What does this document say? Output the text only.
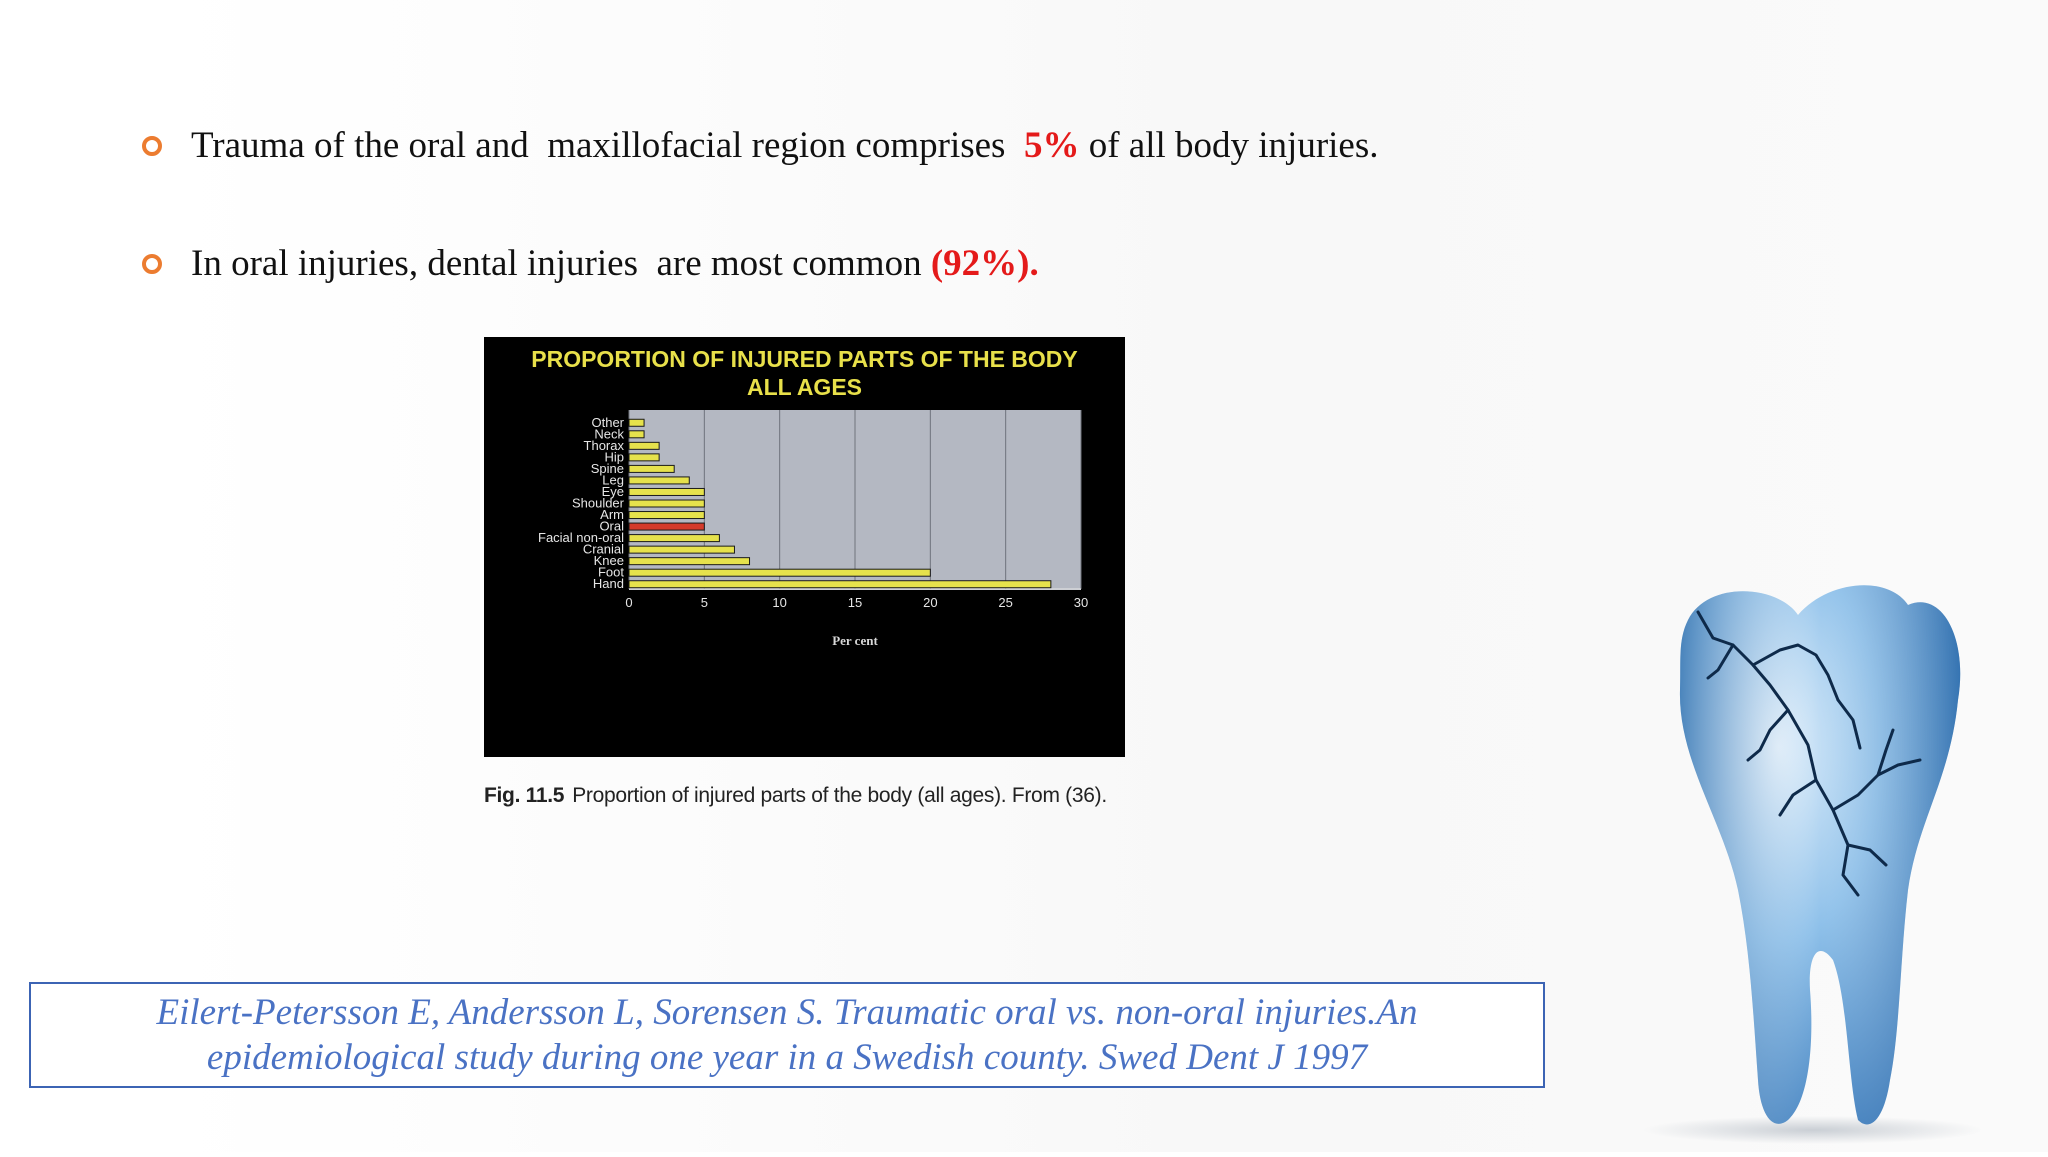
Trauma of the oral and  maxillofacial region comprises 5% of all body injuries.
In oral injuries, dental injuries  are most common (92%).
PROPORTION OF INJURED PARTS OF THE BODY
ALL AGES
Other
Neck
Thorax
Hip
Spine
Leg
Eye
Shoulder
Arm
Oral
Facial non-oral
Cranial
Knee
Foot
Hand
0	5	10	15	20	25	30
Per cent
Fig. 11.5 Proportion of injured parts of the body (all ages). From (36).
Eilert-Petersson E, Andersson L, Sorensen S. Traumatic oral vs. non-oral injuries.An
epidemiological study during one year in a Swedish county. Swed Dent J 1997
